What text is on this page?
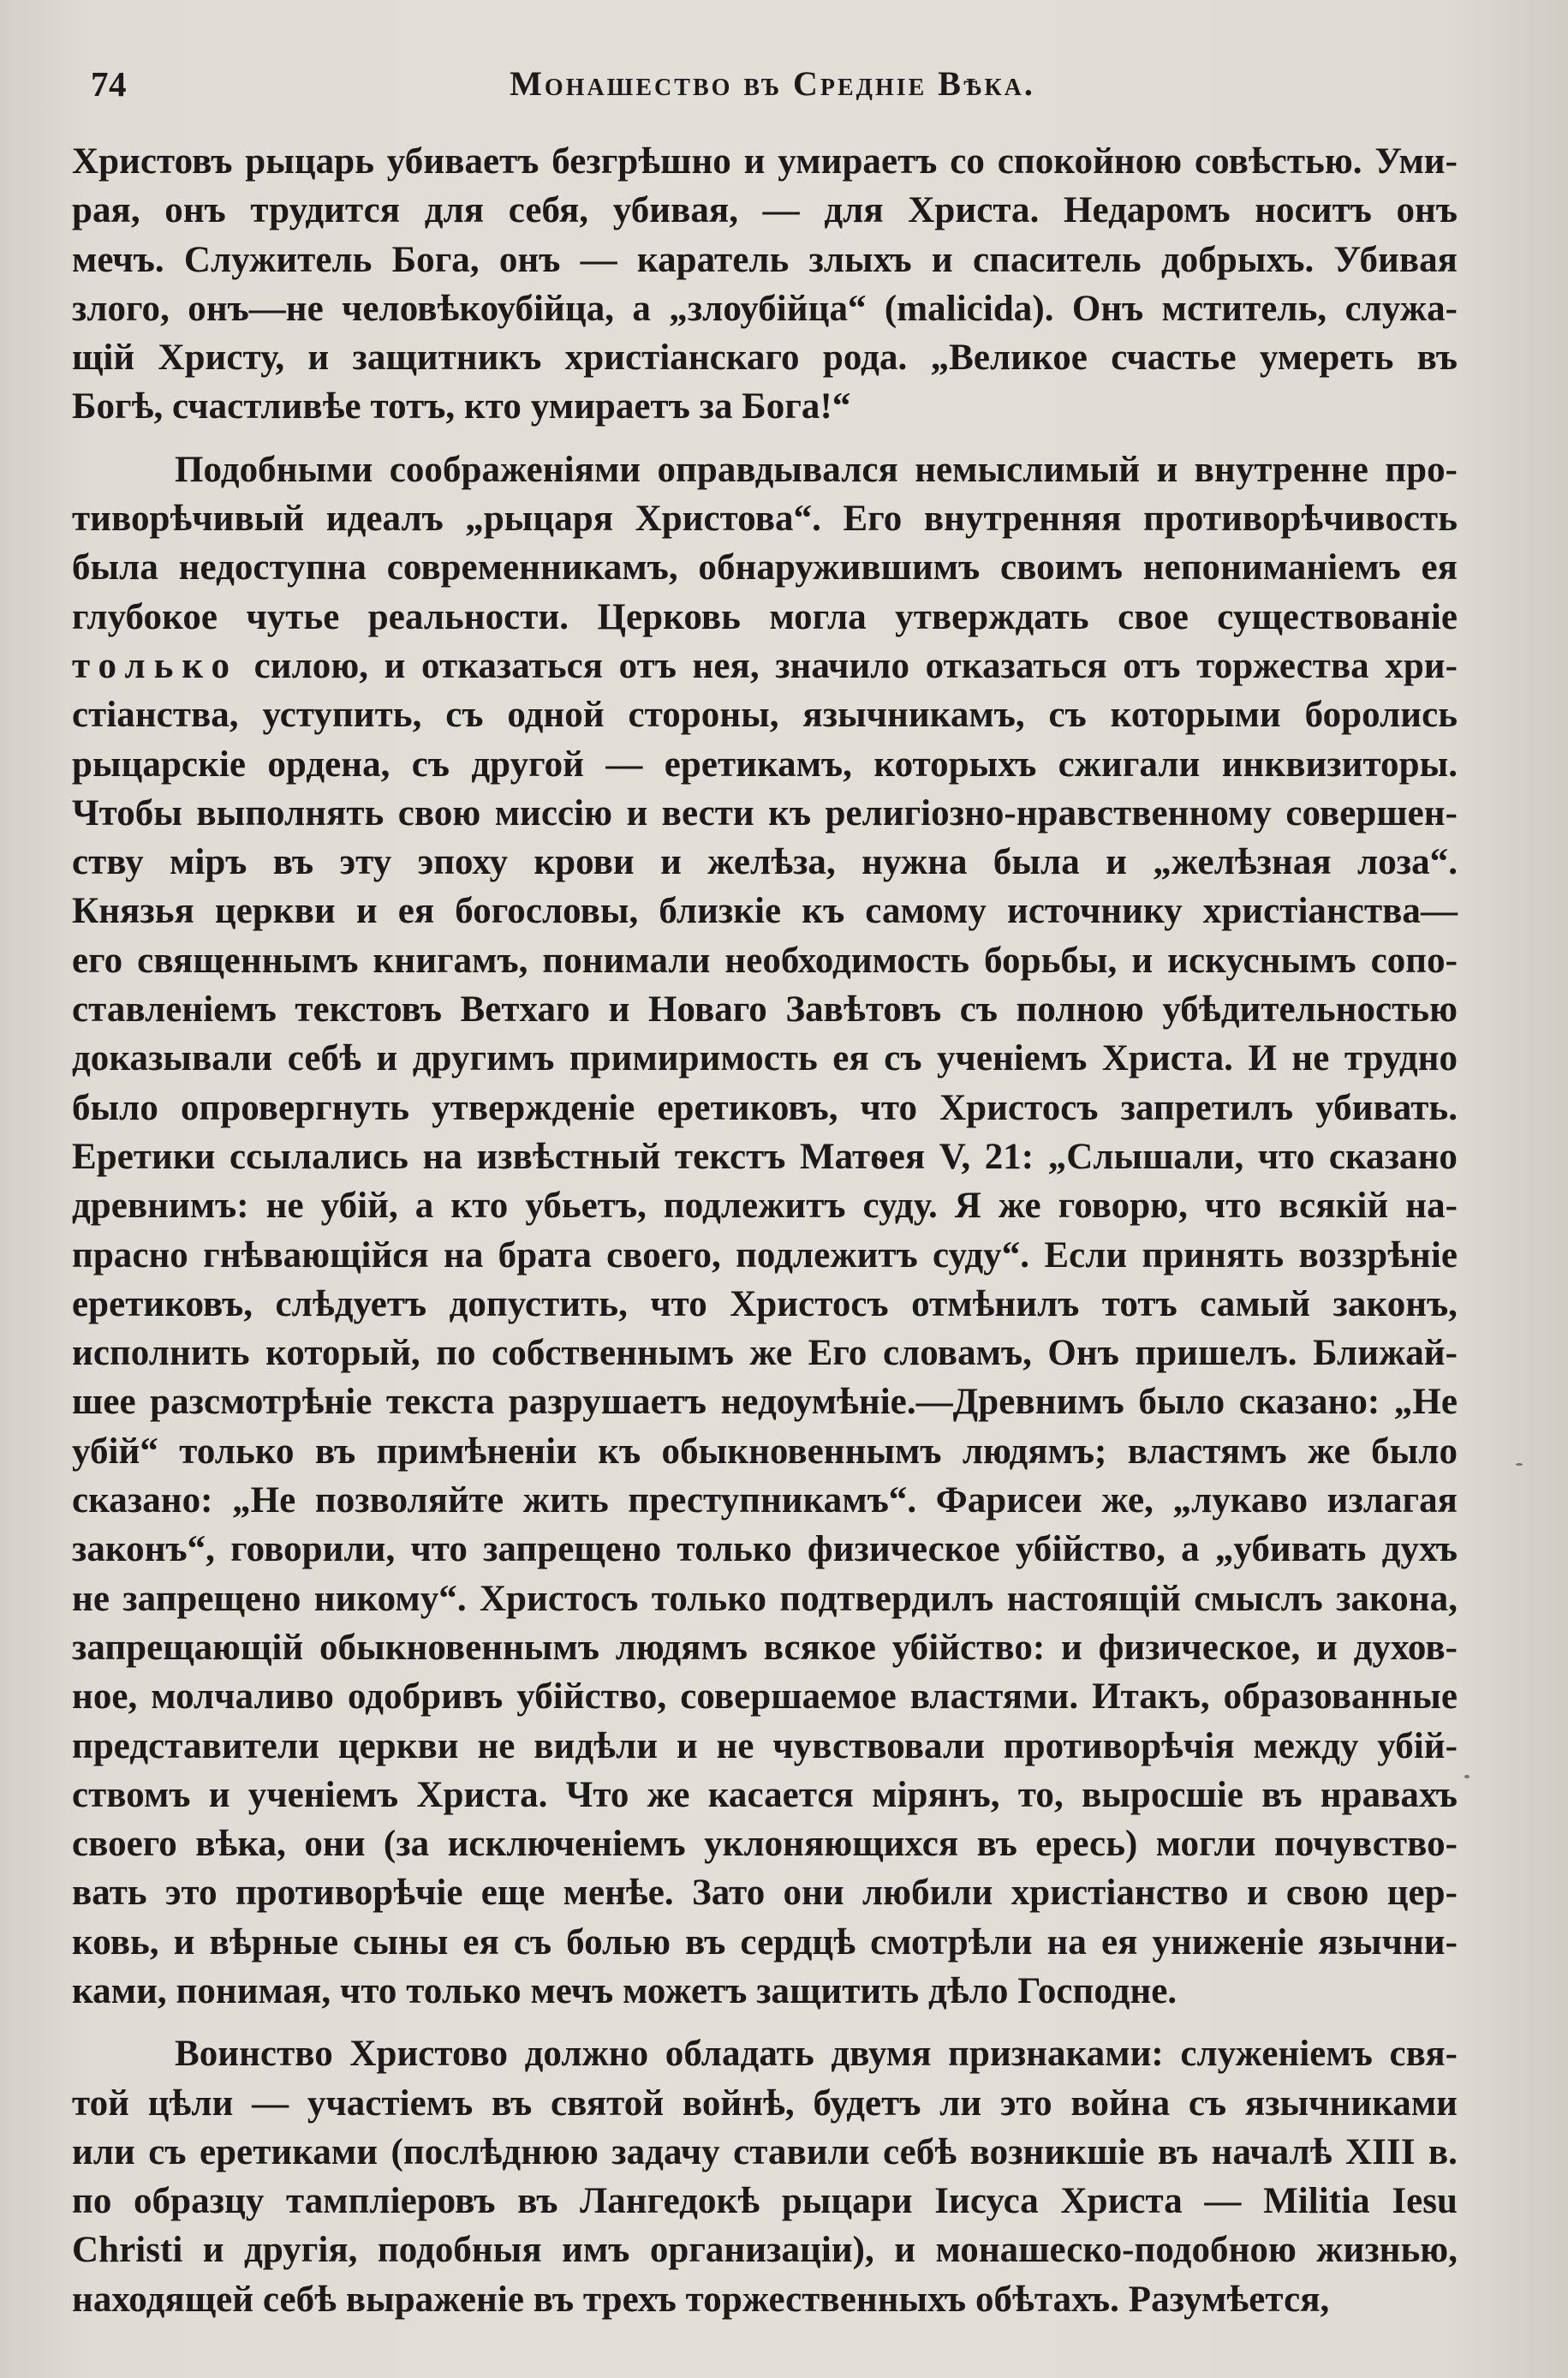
74	Монашество въ Средніе Вѣка.
Христовъ рыцарь убиваетъ безгрѣшно и умираетъ со спокойною совѣстью. Уми-
рая, онъ трудится для себя, убивая, — для Христа. Недаромъ носитъ онъ
мечъ. Служитель Бога, онъ — каратель злыхъ и спаситель добрыхъ. Убивая
злого, онъ—не человѣкоубійца, а „злоубійца“ (malicida). Онъ мститель, служа-
щій Христу, и защитникъ христіанскаго рода. „Великое счастье умереть въ
Богѣ, счастливѣе тотъ, кто умираетъ за Бога!“
Подобными соображеніями оправдывался немыслимый и внутренне про-
тиворѣчивый идеалъ „рыцаря Христова“. Его внутренняя противорѣчивость
была недоступна современникамъ, обнаружившимъ своимъ непониманіемъ ея
глубокое чутье реальности. Церковь могла утверждать свое существованіе
только силою, и отказаться отъ нея, значило отказаться отъ торжества хри-
стіанства, уступить, съ одной стороны, язычникамъ, съ которыми боролись
рыцарскіе ордена, съ другой — еретикамъ, которыхъ сжигали инквизиторы.
Чтобы выполнять свою миссію и вести къ религіозно-нравственному совершен-
ству міръ въ эту эпоху крови и желѣза, нужна была и „желѣзная лоза“.
Князья церкви и ея богословы, близкіе къ самому источнику христіанства—
его священнымъ книгамъ, понимали необходимость борьбы, и искуснымъ сопо-
ставленіемъ текстовъ Ветхаго и Новаго Завѣтовъ съ полною убѣдительностью
доказывали себѣ и другимъ примиримость ея съ ученіемъ Христа. И не трудно
было опровергнуть утвержденіе еретиковъ, что Христосъ запретилъ убивать.
Еретики ссылались на извѣстный текстъ Матѳея V, 21: „Слышали, что сказано
древнимъ: не убій, а кто убьетъ, подлежитъ суду. Я же говорю, что всякій на-
прасно гнѣвающійся на брата своего, подлежитъ суду“. Если принять воззрѣніе
еретиковъ, слѣдуетъ допустить, что Христосъ отмѣнилъ тотъ самый законъ,
исполнить который, по собственнымъ же Его словамъ, Онъ пришелъ. Ближай-
шее разсмотрѣніе текста разрушаетъ недоумѣніе.—Древнимъ было сказано: „Не
убій“ только въ примѣненіи къ обыкновеннымъ людямъ; властямъ же было
сказано: „Не позволяйте жить преступникамъ“. Фарисеи же, „лукаво излагая
законъ“, говорили, что запрещено только физическое убійство, а „убивать духъ
не запрещено никому“. Христосъ только подтвердилъ настоящій смыслъ закона,
запрещающій обыкновеннымъ людямъ всякое убійство: и физическое, и духов-
ное, молчаливо одобривъ убійство, совершаемое властями. Итакъ, образованные
представители церкви не видѣли и не чувствовали противорѣчія между убій-
ствомъ и ученіемъ Христа. Что же касается мірянъ, то, выросшіе въ нравахъ
своего вѣка, они (за исключеніемъ уклоняющихся въ ересь) могли почувство-
вать это противорѣчіе еще менѣе. Зато они любили христіанство и свою цер-
ковь, и вѣрные сыны ея съ болью въ сердцѣ смотрѣли на ея униженіе язычни-
ками, понимая, что только мечъ можетъ защитить дѣло Господне.
Воинство Христово должно обладать двумя признаками: служеніемъ свя-
той цѣли — участіемъ въ святой войнѣ, будетъ ли это война съ язычниками
или съ еретиками (послѣднюю задачу ставили себѣ возникшіе въ началѣ XIII в.
по образцу тампліеровъ въ Лангедокѣ рыцари Іисуса Христа — Militia Iesu
Christi и другія, подобныя имъ организаціи), и монашеско-подобною жизнью,
находящей себѣ выраженіе въ трехъ торжественныхъ обѣтахъ. Разумѣется,
